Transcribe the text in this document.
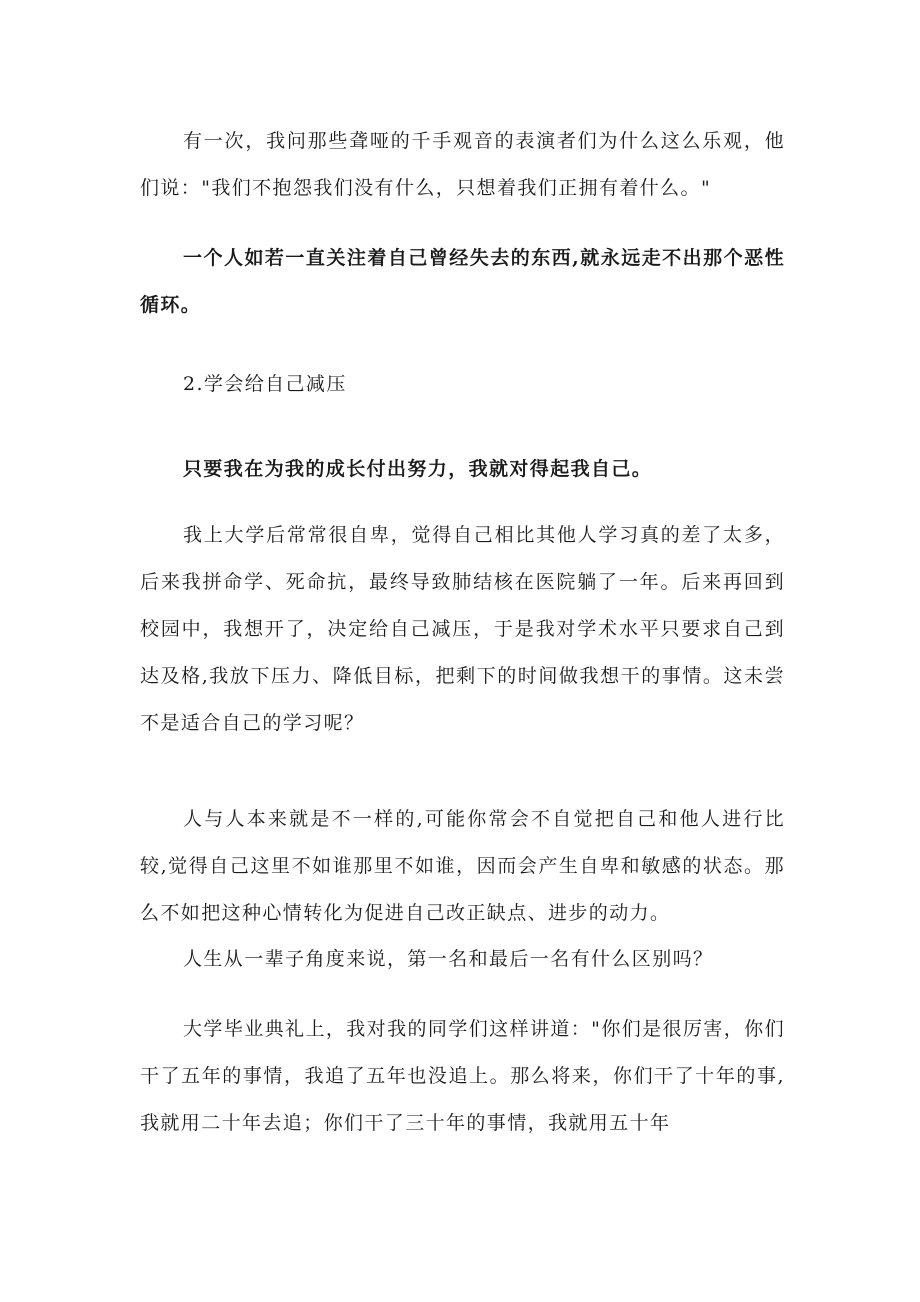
有一次，我问那些聋哑的千手观音的表演者们为什么这么乐观，他们说："我们不抱怨我们没有什么，只想着我们正拥有着什么。"

一个人如若一直关注着自己曾经失去的东西,就永远走不出那个恶性循环。

2.学会给自己减压

只要我在为我的成长付出努力，我就对得起我自己。

我上大学后常常很自卑，觉得自己相比其他人学习真的差了太多，后来我拼命学、死命抗，最终导致肺结核在医院躺了一年。后来再回到校园中，我想开了，决定给自己减压，于是我对学术水平只要求自己到达及格,我放下压力、降低目标，把剩下的时间做我想干的事情。这未尝不是适合自己的学习呢？

人与人本来就是不一样的,可能你常会不自觉把自己和他人进行比较,觉得自己这里不如谁那里不如谁，因而会产生自卑和敏感的状态。那么不如把这种心情转化为促进自己改正缺点、进步的动力。

人生从一辈子角度来说，第一名和最后一名有什么区别吗？

大学毕业典礼上，我对我的同学们这样讲道："你们是很厉害，你们干了五年的事情，我追了五年也没追上。那么将来，你们干了十年的事,我就用二十年去追；你们干了三十年的事情，我就用五十年
